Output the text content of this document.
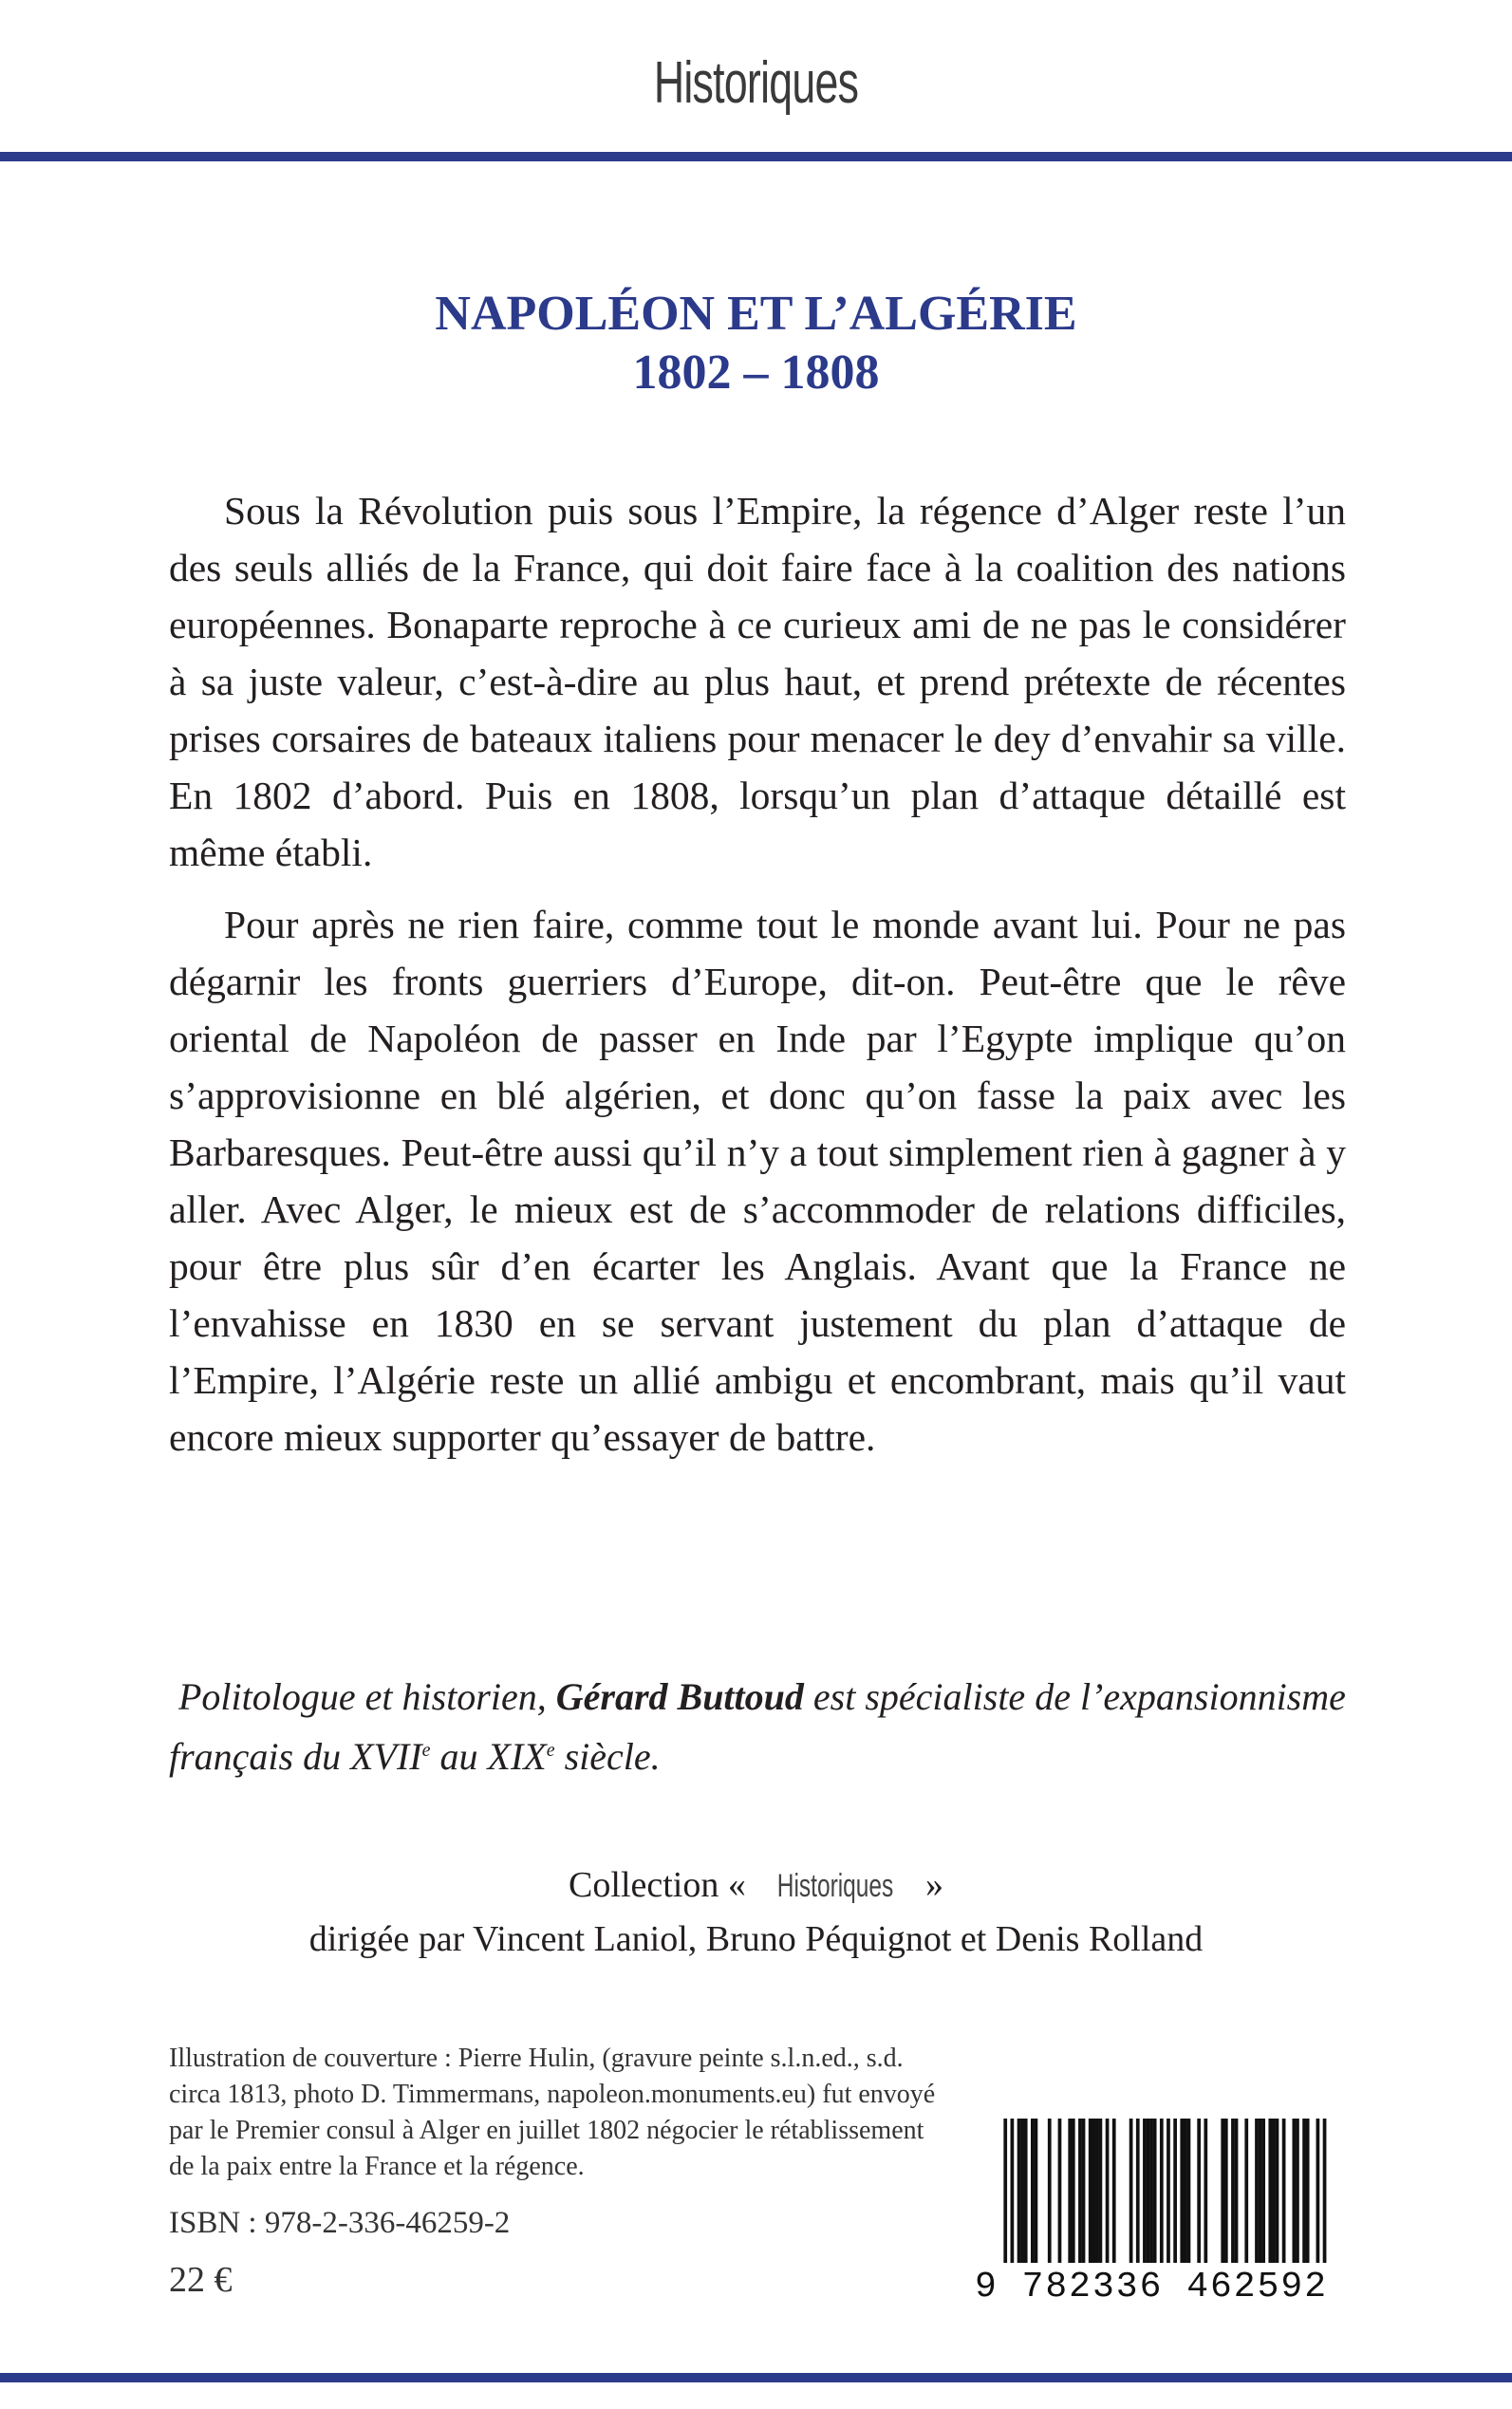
Historiques
NAPOLÉON ET L’ALGÉRIE
1802 – 1808

Sous la Révolution puis sous l’Empire, la régence d’Alger reste l’un des seuls alliés de la France, qui doit faire face à la coalition des nations européennes. Bonaparte reproche à ce curieux ami de ne pas le considérer à sa juste valeur, c’est-à-dire au plus haut, et prend prétexte de récentes prises corsaires de bateaux italiens pour menacer le dey d’envahir sa ville. En 1802 d’abord. Puis en 1808, lorsqu’un plan d’attaque détaillé est même établi.

Pour après ne rien faire, comme tout le monde avant lui. Pour ne pas dégarnir les fronts guerriers d’Europe, dit-on. Peut-être que le rêve oriental de Napoléon de passer en Inde par l’Egypte implique qu’on s’approvisionne en blé algérien, et donc qu’on fasse la paix avec les Barbaresques. Peut-être aussi qu’il n’y a tout simplement rien à gagner à y aller. Avec Alger, le mieux est de s’accommoder de relations difficiles, pour être plus sûr d’en écarter les Anglais. Avant que la France ne l’envahisse en 1830 en se servant justement du plan d’attaque de l’Empire, l’Algérie reste un allié ambigu et encombrant, mais qu’il vaut encore mieux supporter qu’essayer de battre.

Politologue et historien, Gérard Buttoud est spécialiste de l’expansionnisme français du XVIIe au XIXe siècle.
Collection « Historiques »
dirigée par Vincent Laniol, Bruno Péquignot et Denis Rolland
Illustration de couverture : Pierre Hulin, (gravure peinte s.l.n.ed., s.d. circa 1813, photo D. Timmermans, napoleon.monuments.eu) fut envoyé par le Premier consul à Alger en juillet 1802 négocier le rétablissement de la paix entre la France et la régence.
ISBN : 978-2-336-46259-2
22 €	9 782336 462592
